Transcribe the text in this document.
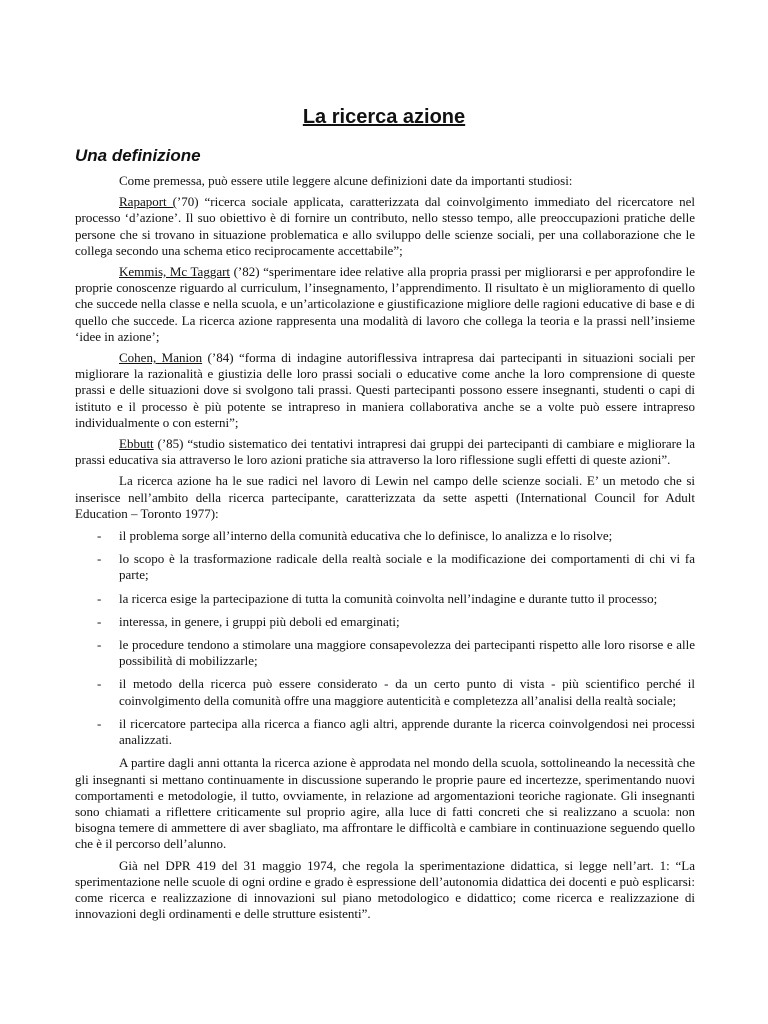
La ricerca azione
Una definizione

Come premessa, può essere utile leggere alcune definizioni date da importanti studiosi:

Rapaport (’70) “ricerca sociale applicata, caratterizzata dal coinvolgimento immediato del ricercatore nel processo ‘d’azione’. Il suo obiettivo è di fornire un contributo, nello stesso tempo, alle preoccupazioni pratiche delle persone che si trovano in situazione problematica e allo sviluppo delle scienze sociali, per una collaborazione che le collega secondo una schema etico reciprocamente accettabile”;

Kemmis, Mc Taggart (’82) “sperimentare idee relative alla propria prassi per migliorarsi e per approfondire le proprie conoscenze riguardo al curriculum, l’insegnamento, l’apprendimento. Il risultato è un miglioramento di quello che succede nella classe e nella scuola, e un’articolazione e giustificazione migliore delle ragioni educative di base e di quello che succede. La ricerca azione rappresenta una modalità di lavoro che collega la teoria e la prassi nell’insieme ‘idee in azione’;

Cohen, Manion (’84) “forma di indagine autoriflessiva intrapresa dai partecipanti in situazioni sociali per migliorare la razionalità e giustizia delle loro prassi sociali o educative come anche la loro comprensione di queste prassi e delle situazioni dove si svolgono tali prassi. Questi partecipanti possono essere insegnanti, studenti o capi di istituto e il processo è più potente se intrapreso in maniera collaborativa anche se a volte può essere intrapreso individualmente o con esterni”;

Ebbutt (’85) “studio sistematico dei tentativi intrapresi dai gruppi dei partecipanti di cambiare e migliorare la prassi educativa sia attraverso le loro azioni pratiche sia attraverso la loro riflessione sugli effetti di queste azioni”.

La ricerca azione ha le sue radici nel lavoro di Lewin nel campo delle scienze sociali. E’ un metodo che si inserisce nell’ambito della ricerca partecipante, caratterizzata da sette aspetti (International Council for Adult Education – Toronto 1977):

- il problema sorge all’interno della comunità educativa che lo definisce, lo analizza e lo risolve;
- lo scopo è la trasformazione radicale della realtà sociale e la modificazione dei comportamenti di chi vi fa parte;
- la ricerca esige la partecipazione di tutta la comunità coinvolta nell’indagine e durante tutto il processo;
- interessa, in genere, i gruppi più deboli ed emarginati;
- le procedure tendono a stimolare una maggiore consapevolezza dei partecipanti rispetto alle loro risorse e alle possibilità di mobilizzarle;
- il metodo della ricerca può essere considerato - da un certo punto di vista - più scientifico perché il coinvolgimento della comunità offre una maggiore autenticità e completezza all’analisi della realtà sociale;
- il ricercatore partecipa alla ricerca a fianco agli altri, apprende durante la ricerca coinvolgendosi nei processi analizzati.

A partire dagli anni ottanta la ricerca azione è approdata nel mondo della scuola, sottolineando la necessità che gli insegnanti si mettano continuamente in discussione superando le proprie paure ed incertezze, sperimentando nuovi comportamenti e metodologie, il tutto, ovviamente, in relazione ad argomentazioni teoriche ragionate. Gli insegnanti sono chiamati a riflettere criticamente sul proprio agire, alla luce di fatti concreti che si realizzano a scuola: non bisogna temere di ammettere di aver sbagliato, ma affrontare le difficoltà e cambiare in continuazione seguendo quello che è il percorso dell’alunno.

Già nel DPR 419 del 31 maggio 1974, che regola la sperimentazione didattica, si legge nell’art. 1: “La sperimentazione nelle scuole di ogni ordine e grado è espressione dell’autonomia didattica dei docenti e può esplicarsi: come ricerca e realizzazione di innovazioni sul piano metodologico e didattico; come ricerca e realizzazione di innovazioni degli ordinamenti e delle strutture esistenti”.
